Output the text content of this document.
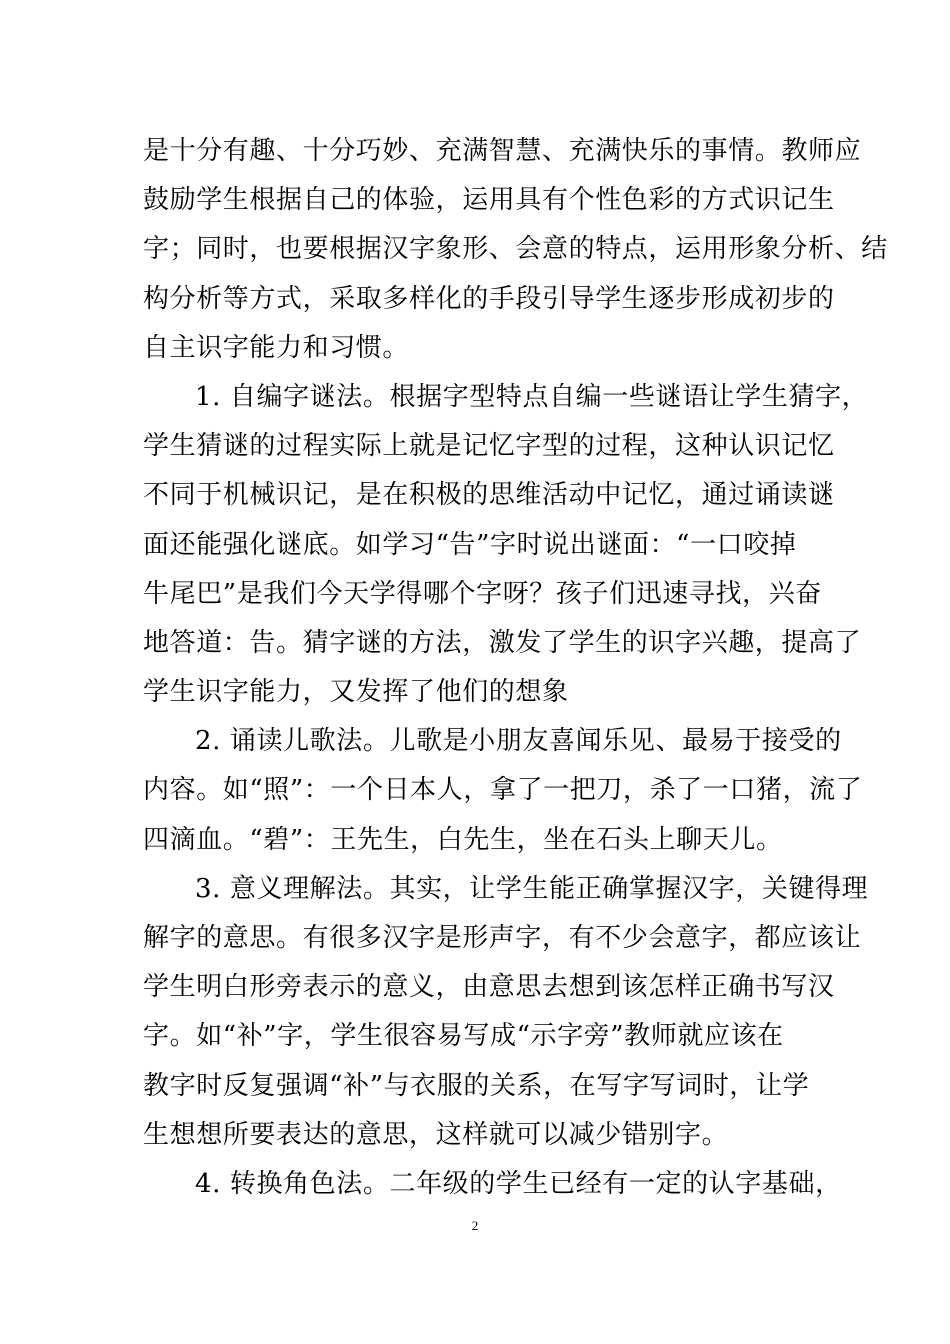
是十分有趣、十分巧妙、充满智慧、充满快乐的事情。教师应
鼓励学生根据自己的体验，运用具有个性色彩的方式识记生
字；同时，也要根据汉字象形、会意的特点，运用形象分析、结
构分析等方式，采取多样化的手段引导学生逐步形成初步的
自主识字能力和习惯。
1. 自编字谜法。根据字型特点自编一些谜语让学生猜字，
学生猜谜的过程实际上就是记忆字型的过程，这种认识记忆
不同于机械识记，是在积极的思维活动中记忆，通过诵读谜
面还能强化谜底。如学习“告”字时说出谜面：“一口咬掉
牛尾巴”是我们今天学得哪个字呀？孩子们迅速寻找，兴奋
地答道：告。猜字谜的方法，激发了学生的识字兴趣，提高了
学生识字能力，又发挥了他们的想象
2. 诵读儿歌法。儿歌是小朋友喜闻乐见、最易于接受的
内容。如“照”：一个日本人，拿了一把刀，杀了一口猪，流了
四滴血。“碧”：王先生，白先生，坐在石头上聊天儿。
3. 意义理解法。其实，让学生能正确掌握汉字，关键得理
解字的意思。有很多汉字是形声字，有不少会意字，都应该让
学生明白形旁表示的意义，由意思去想到该怎样正确书写汉
字。如“补”字，学生很容易写成“示字旁”教师就应该在
教字时反复强调“补”与衣服的关系，在写字写词时，让学
生想想所要表达的意思，这样就可以减少错别字。
4. 转换角色法。二年级的学生已经有一定的认字基础，
2
